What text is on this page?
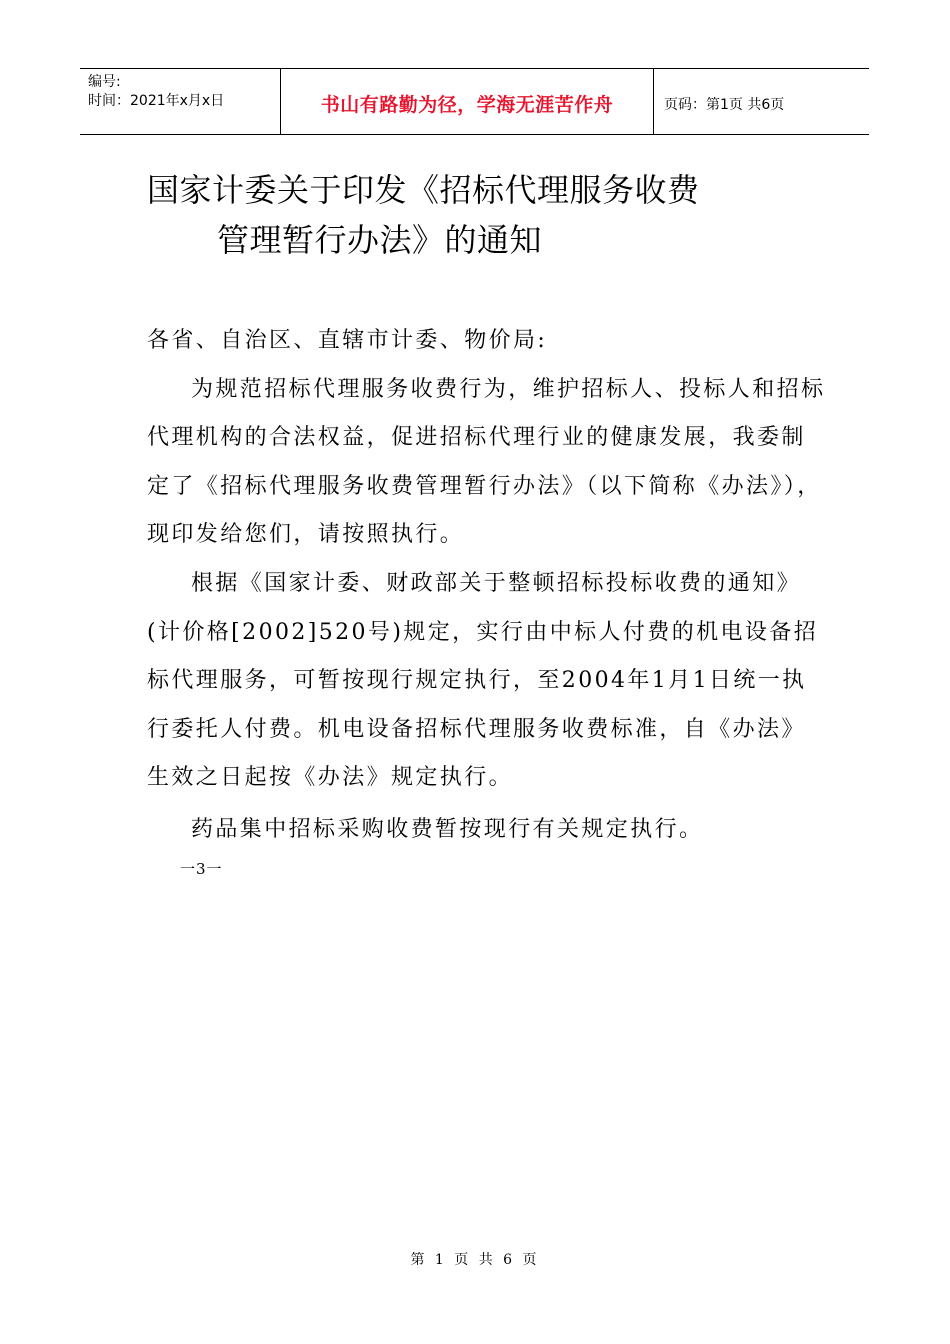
编号:
时间：2021年x月x日	书山有路勤为径，学海无涯苦作舟	页码：第1页 共6页
国家计委关于印发《招标代理服务收费
管理暂行办法》的通知

各省、自治区、直辖市计委、物价局:

为规范招标代理服务收费行为，维护招标人、投标人和招标代理机构的合法权益，促进招标代理行业的健康发展，我委制定了《招标代理服务收费管理暂行办法》（以下简称《办法》），现印发给您们，请按照执行。

根据《国家计委、财政部关于整顿招标投标收费的通知》(计价格[2002]520号)规定，实行由中标人付费的机电设备招标代理服务，可暂按现行规定执行，至2004年1月1日统一执行委托人付费。机电设备招标代理服务收费标准，自《办法》生效之日起按《办法》规定执行。

药品集中招标采购收费暂按现行有关规定执行。

一3一
第 1 页 共 6 页
